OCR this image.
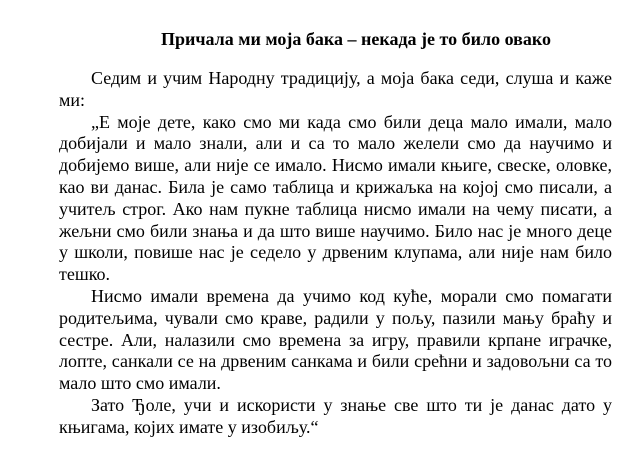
Причала ми моја бака – некада је то било овако

Седим и учим Народну традицију, а моја бака седи, слуша и каже ми:

„Е моје дете, како смо ми када смо били деца мало имали, мало добијали и мало знали, али и са то мало желели смо да научимо и добијемо више, али није се имало. Нисмо имали књиге, свеске, оловке, као ви данас. Била је само таблица и крижаљка на којој смо писали, а учитељ строг. Ако нам пукне таблица нисмо имали на чему писати, а жељни смо били знања и да што више научимо. Било нас је много деце у школи, повише нас је седело у дрвеним клупама, али није нам било тешко.

Нисмо имали времена да учимо код куће, морали смо помагати родитељима, чували смо краве, радили у пољу, пазили мању браћу и сестре. Али, налазили смо времена за игру, правили крпане играчке, лопте, санкали се на дрвеним санкама и били срећни и задовољни са то мало што смо имали.

Зато Ђоле, учи и искористи у знање све што ти је данас дато у књигама, којих имате у изобиљу.“
